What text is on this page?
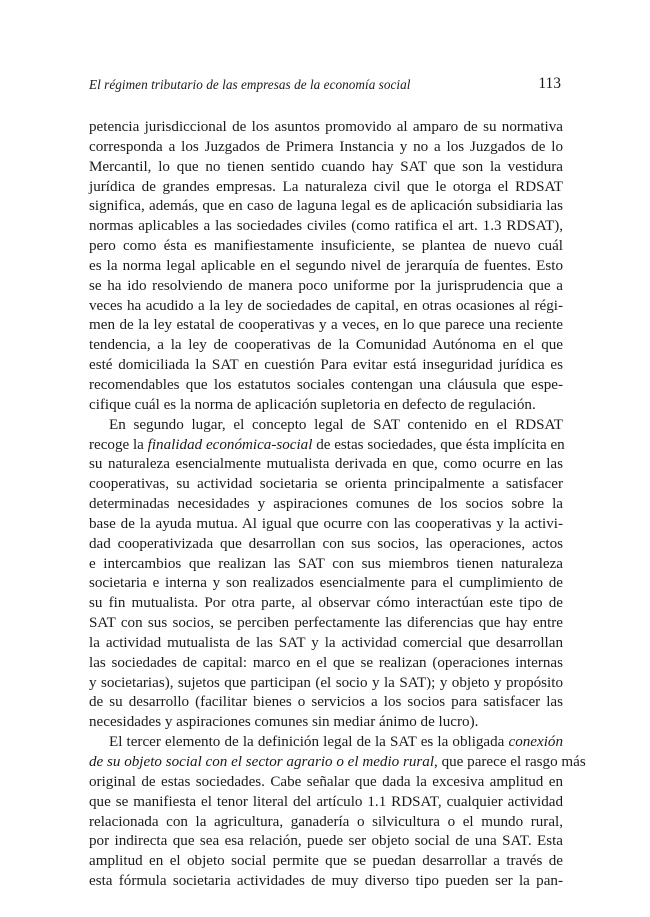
El régimen tributario de las empresas de la economía social	113
petencia jurisdiccional de los asuntos promovido al amparo de su normativa
corresponda a los Juzgados de Primera Instancia y no a los Juzgados de lo
Mercantil, lo que no tienen sentido cuando hay SAT que son la vestidura
jurídica de grandes empresas. La naturaleza civil que le otorga el RDSAT
significa, además, que en caso de laguna legal es de aplicación subsidiaria las
normas aplicables a las sociedades civiles (como ratifica el art. 1.3 RDSAT),
pero como ésta es manifiestamente insuficiente, se plantea de nuevo cuál
es la norma legal aplicable en el segundo nivel de jerarquía de fuentes. Esto
se ha ido resolviendo de manera poco uniforme por la jurisprudencia que a
veces ha acudido a la ley de sociedades de capital, en otras ocasiones al régi-
men de la ley estatal de cooperativas y a veces, en lo que parece una reciente
tendencia, a la ley de cooperativas de la Comunidad Autónoma en el que
esté domiciliada la SAT en cuestión Para evitar está inseguridad jurídica es
recomendables que los estatutos sociales contengan una cláusula que espe-
cifique cuál es la norma de aplicación supletoria en defecto de regulación.
En segundo lugar, el concepto legal de SAT contenido en el RDSAT
recoge la finalidad económica-social de estas sociedades, que ésta implícita en
su naturaleza esencialmente mutualista derivada en que, como ocurre en las
cooperativas, su actividad societaria se orienta principalmente a satisfacer
determinadas necesidades y aspiraciones comunes de los socios sobre la
base de la ayuda mutua. Al igual que ocurre con las cooperativas y la activi-
dad cooperativizada que desarrollan con sus socios, las operaciones, actos
e intercambios que realizan las SAT con sus miembros tienen naturaleza
societaria e interna y son realizados esencialmente para el cumplimiento de
su fin mutualista. Por otra parte, al observar cómo interactúan este tipo de
SAT con sus socios, se perciben perfectamente las diferencias que hay entre
la actividad mutualista de las SAT y la actividad comercial que desarrollan
las sociedades de capital: marco en el que se realizan (operaciones internas
y societarias), sujetos que participan (el socio y la SAT); y objeto y propósito
de su desarrollo (facilitar bienes o servicios a los socios para satisfacer las
necesidades y aspiraciones comunes sin mediar ánimo de lucro).
El tercer elemento de la definición legal de la SAT es la obligada conexión
de su objeto social con el sector agrario o el medio rural, que parece el rasgo más
original de estas sociedades. Cabe señalar que dada la excesiva amplitud en
que se manifiesta el tenor literal del artículo 1.1 RDSAT, cualquier actividad
relacionada con la agricultura, ganadería o silvicultura o el mundo rural,
por indirecta que sea esa relación, puede ser objeto social de una SAT. Esta
amplitud en el objeto social permite que se puedan desarrollar a través de
esta fórmula societaria actividades de muy diverso tipo pueden ser la pan-
